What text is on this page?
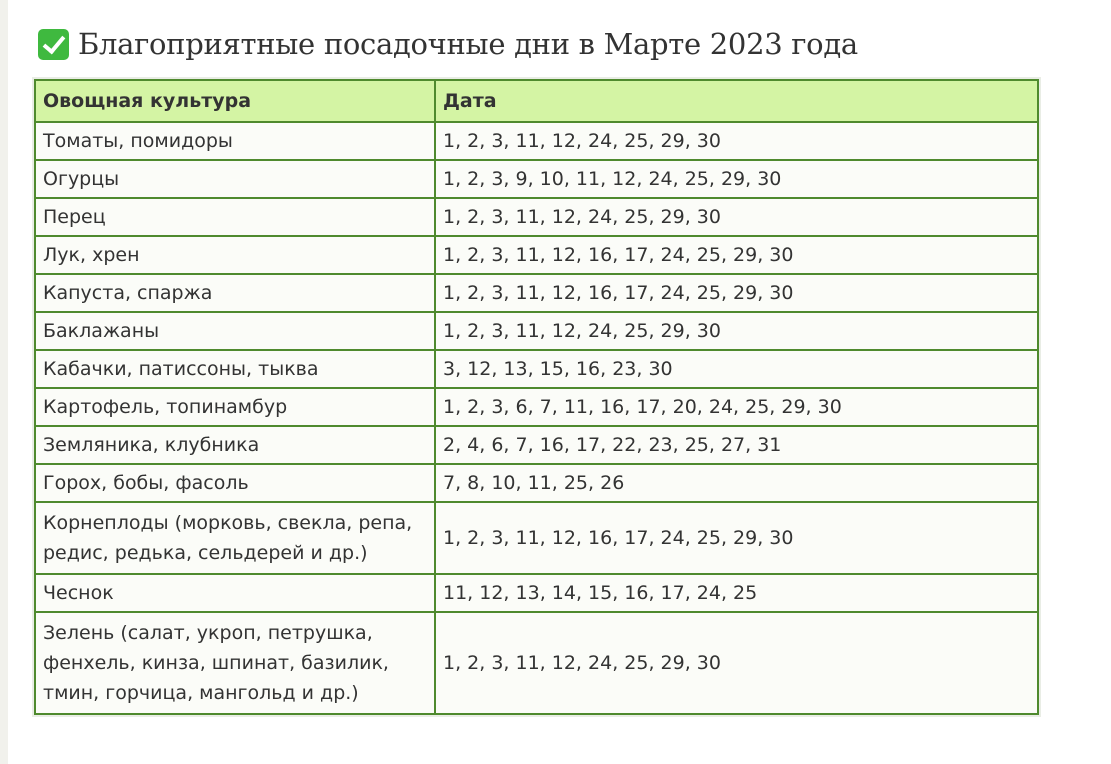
Благоприятные посадочные дни в Марте 2023 года
Овощная культура	Дата
Томаты, помидоры	1, 2, 3, 11, 12, 24, 25, 29, 30
Огурцы	1, 2, 3, 9, 10, 11, 12, 24, 25, 29, 30
Перец	1, 2, 3, 11, 12, 24, 25, 29, 30
Лук, хрен	1, 2, 3, 11, 12, 16, 17, 24, 25, 29, 30
Капуста, спаржа	1, 2, 3, 11, 12, 16, 17, 24, 25, 29, 30
Баклажаны	1, 2, 3, 11, 12, 24, 25, 29, 30
Кабачки, патиссоны, тыква	3, 12, 13, 15, 16, 23, 30
Картофель, топинамбур	1, 2, 3, 6, 7, 11, 16, 17, 20, 24, 25, 29, 30
Земляника, клубника	2, 4, 6, 7, 16, 17, 22, 23, 25, 27, 31
Горох, бобы, фасоль	7, 8, 10, 11, 25, 26
Корнеплоды (морковь, свекла, репа, редис, редька, сельдерей и др.)	1, 2, 3, 11, 12, 16, 17, 24, 25, 29, 30
Чеснок	11, 12, 13, 14, 15, 16, 17, 24, 25
Зелень (салат, укроп, петрушка, фенхель, кинза, шпинат, базилик, тмин, горчица, мангольд и др.)	1, 2, 3, 11, 12, 24, 25, 29, 30
